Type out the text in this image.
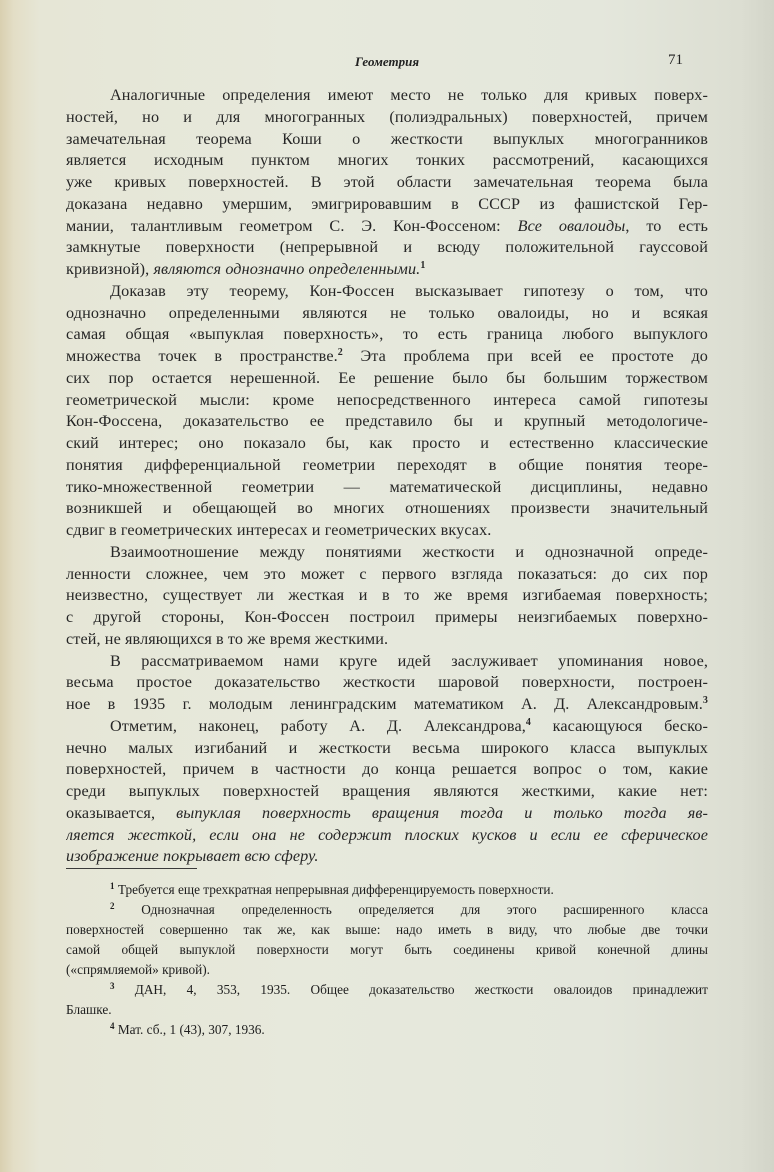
Геометрия	71

Аналогичные определения имеют место не только для кривых поверх-
ностей, но и для многогранных (полиэдральных) поверхностей, причем
замечательная теорема Коши о жесткости выпуклых многогранников
является исходным пунктом многих тонких рассмотрений, касающихся
уже кривых поверхностей. В этой области замечательная теорема была
доказана недавно умершим, эмигрировавшим в СССР из фашистской Гер-
мании, талантливым геометром С. Э. Кон-Фоссеном: Все овалоиды, то есть
замкнутые поверхности (непрерывной и всюду положительной гауссовой
кривизной), являются однозначно определенными.$^1$

Доказав эту теорему, Кон-Фоссен высказывает гипотезу о том, что
однозначно определенными являются не только овалоиды, но и всякая
самая общая «выпуклая поверхность», то есть граница любого выпуклого
множества точек в пространстве.$^2$ Эта проблема при всей ее простоте до
сих пор остается нерешенной. Ее решение было бы большим торжеством
геометрической мысли: кроме непосредственного интереса самой гипотезы
Кон-Фоссена, доказательство ее представило бы и крупный методологиче-
ский интерес; оно показало бы, как просто и естественно классические
понятия дифференциальной геометрии переходят в общие понятия теоре-
тико-множественной геометрии — математической дисциплины, недавно
возникшей и обещающей во многих отношениях произвести значительный
сдвиг в геометрических интересах и геометрических вкусах.

Взаимоотношение между понятиями жесткости и однозначной опреде-
ленности сложнее, чем это может с первого взгляда показаться: до сих пор
неизвестно, существует ли жесткая и в то же время изгибаемая поверхность;
с другой стороны, Кон-Фоссен построил примеры неизгибаемых поверхно-
стей, не являющихся в то же время жесткими.

В рассматриваемом нами круге идей заслуживает упоминания новое,
весьма простое доказательство жесткости шаровой поверхности, построен-
ное в 1935 г. молодым ленинградским математиком А. Д. Александровым.$^3$

Отметим, наконец, работу А. Д. Александрова,$^4$ касающуюся беско-
нечно малых изгибаний и жесткости весьма широкого класса выпуклых
поверхностей, причем в частности до конца решается вопрос о том, какие
среди выпуклых поверхностей вращения являются жесткими, какие нет:
оказывается, выпуклая поверхность вращения тогда и только тогда яв-
ляется жесткой, если она не содержит плоских кусков и если ее сферическое
изображение покрывает всю сферу.

$^1$ Требуется еще трехкратная непрерывная дифференцируемость поверхности.
$^2$ Однозначная определенность определяется для этого расширенного класса
поверхностей совершенно так же, как выше: надо иметь в виду, что любые две точки
самой общей выпуклой поверхности могут быть соединены кривой конечной длины
(«спрямляемой» кривой).
$^3$ ДАН, 4, 353, 1935. Общее доказательство жесткости овалоидов принадлежит
Блашке.
$^4$ Мат. сб., 1 (43), 307, 1936.
